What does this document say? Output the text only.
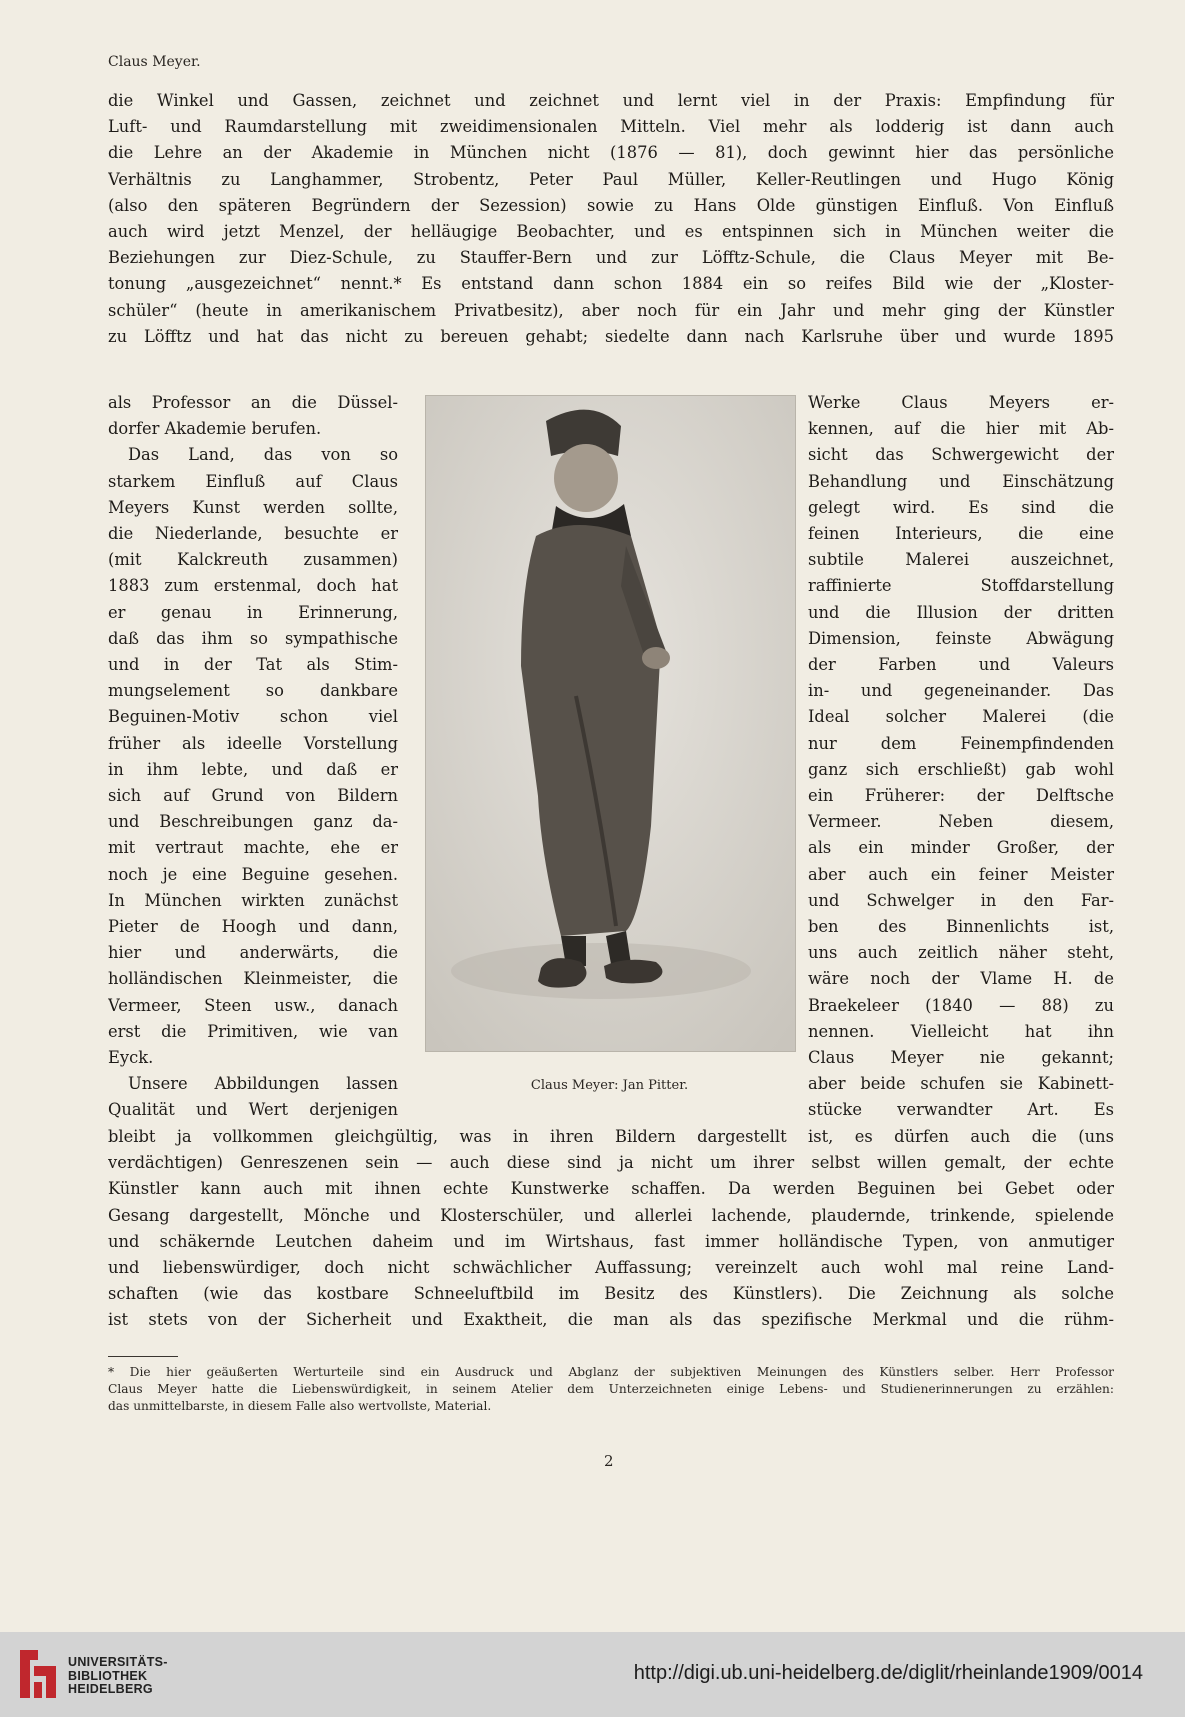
Claus Meyer.
die Winkel und Gassen, zeichnet und zeichnet und lernt viel in der Praxis: Empfindung für
Luft- und Raumdarstellung mit zweidimensionalen Mitteln. Viel mehr als lodderig ist dann auch
die Lehre an der Akademie in München nicht (1876 — 81), doch gewinnt hier das persönliche
Verhältnis zu Langhammer, Strobentz, Peter Paul Müller, Keller-Reutlingen und Hugo König
(also den späteren Begründern der Sezession) sowie zu Hans Olde günstigen Einfluß. Von Einfluß
auch wird jetzt Menzel, der helläugige Beobachter, und es entspinnen sich in München weiter die
Beziehungen zur Diez-Schule, zu Stauffer-Bern und zur Löfftz-Schule, die Claus Meyer mit Be-
tonung „ausgezeichnet“ nennt.* Es entstand dann schon 1884 ein so reifes Bild wie der „Kloster-
schüler“ (heute in amerikanischem Privatbesitz), aber noch für ein Jahr und mehr ging der Künstler
zu Löfftz und hat das nicht zu bereuen gehabt; siedelte dann nach Karlsruhe über und wurde 1895
als Professor an die Düssel-
dorfer Akademie berufen.
Das Land, das von so
starkem Einfluß auf Claus
Meyers Kunst werden sollte,
die Niederlande, besuchte er
(mit Kalckreuth zusammen)
1883 zum erstenmal, doch hat
er genau in Erinnerung,
daß das ihm so sympathische
und in der Tat als Stim-
mungselement so dankbare
Beguinen-Motiv schon viel
früher als ideelle Vorstellung
in ihm lebte, und daß er
sich auf Grund von Bildern
und Beschreibungen ganz da-
mit vertraut machte, ehe er
noch je eine Beguine gesehen.
In München wirkten zunächst
Pieter de Hoogh und dann,
hier und anderwärts, die
holländischen Kleinmeister, die
Vermeer, Steen usw., danach
erst die Primitiven, wie van
Eyck.
Unsere Abbildungen lassen
Qualität und Wert derjenigen
Claus Meyer: Jan Pitter.
Werke Claus Meyers er-
kennen, auf die hier mit Ab-
sicht das Schwergewicht der
Behandlung und Einschätzung
gelegt wird. Es sind die
feinen Interieurs, die eine
subtile Malerei auszeichnet,
raffinierte Stoffdarstellung
und die Illusion der dritten
Dimension, feinste Abwägung
der Farben und Valeurs
in- und gegeneinander. Das
Ideal solcher Malerei (die
nur dem Feinempfindenden
ganz sich erschließt) gab wohl
ein Früherer: der Delftsche
Vermeer. Neben diesem,
als ein minder Großer, der
aber auch ein feiner Meister
und Schwelger in den Far-
ben des Binnenlichts ist,
uns auch zeitlich näher steht,
wäre noch der Vlame H. de
Braekeleer (1840 — 88) zu
nennen. Vielleicht hat ihn
Claus Meyer nie gekannt;
aber beide schufen sie Kabinett-
stücke verwandter Art. Es
bleibt ja vollkommen gleichgültig, was in ihren Bildern dargestellt ist, es dürfen auch die (uns
verdächtigen) Genreszenen sein — auch diese sind ja nicht um ihrer selbst willen gemalt, der echte
Künstler kann auch mit ihnen echte Kunstwerke schaffen. Da werden Beguinen bei Gebet oder
Gesang dargestellt, Mönche und Klosterschüler, und allerlei lachende, plaudernde, trinkende, spielende
und schäkernde Leutchen daheim und im Wirtshaus, fast immer holländische Typen, von anmutiger
und liebenswürdiger, doch nicht schwächlicher Auffassung; vereinzelt auch wohl mal reine Land-
schaften (wie das kostbare Schneeluftbild im Besitz des Künstlers). Die Zeichnung als solche
ist stets von der Sicherheit und Exaktheit, die man als das spezifische Merkmal und die rühm-
* Die hier geäußerten Werturteile sind ein Ausdruck und Abglanz der subjektiven Meinungen des Künstlers selber. Herr Professor
Claus Meyer hatte die Liebenswürdigkeit, in seinem Atelier dem Unterzeichneten einige Lebens- und Studienerinnerungen zu erzählen:
das unmittelbarste, in diesem Falle also wertvollste, Material.
2
UNIVERSITÄTS-
BIBLIOTHEK
HEIDELBERG
http://digi.ub.uni-heidelberg.de/diglit/rheinlande1909/0014
